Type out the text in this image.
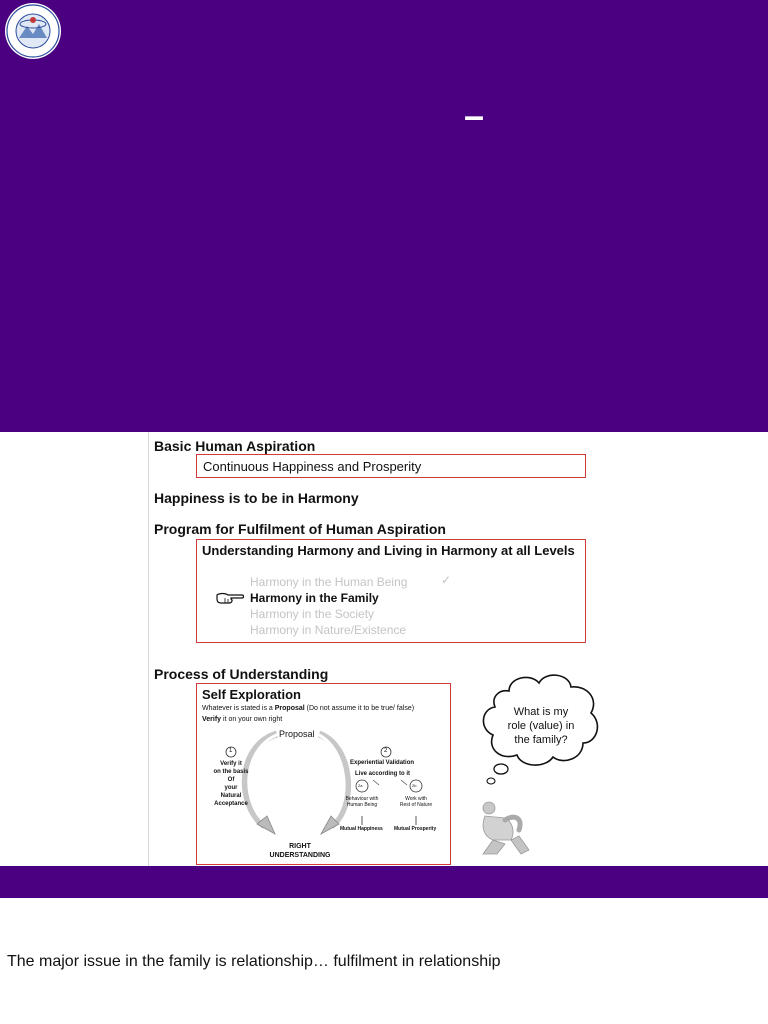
–
Basic Human Aspiration
Continuous Happiness and Prosperity
Happiness is to be in Harmony
Program for Fulfilment of Human Aspiration
Understanding Harmony and Living in Harmony at all Levels
Harmony in the Human Being	✓
Harmony in the Family
Harmony in the Society
Harmony in Nature/Existence
Process of Understanding
Self Exploration
Whatever is stated is a Proposal (Do not assume it to be true/ false)
Verify it on your own right
Proposal
1
Verify it
on the basis
Of
your
Natural
Acceptance
2
Experiential Validation
Live according to it
2a	2b
Behaviour with
Human Being
Work with
Rest of Nature
Mutual Happiness Mutual Prosperity
RIGHT
UNDERSTANDING
What is my
role (value) in
the family?
The major issue in the family is relationship… fulfilment in relationship
